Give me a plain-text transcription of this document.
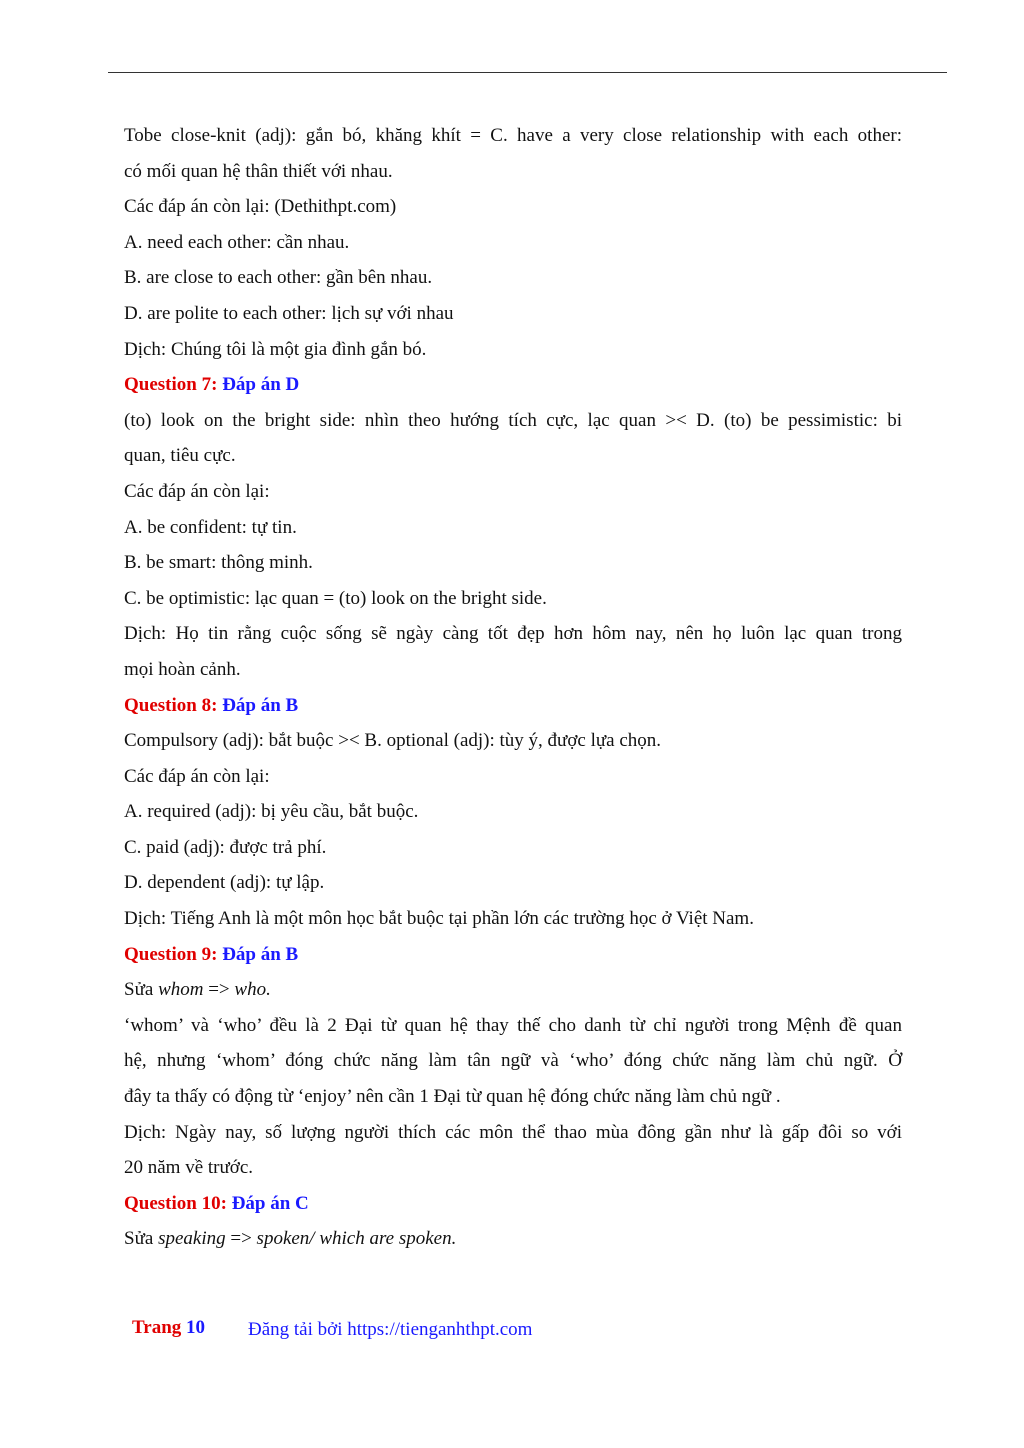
Tobe close-knit (adj): gắn bó, khăng khít = C. have a very close relationship with each other:
có mối quan hệ thân thiết với nhau.
Các đáp án còn lại: (Dethithpt.com)
A. need each other: cần nhau.
B. are close to each other: gần bên nhau.
D. are polite to each other: lịch sự với nhau
Dịch: Chúng tôi là một gia đình gắn bó.
Question 7: Đáp án D
(to) look on the bright side: nhìn theo hướng tích cực, lạc quan >< D. (to) be pessimistic: bi
quan, tiêu cực.
Các đáp án còn lại:
A. be confident: tự tin.
B. be smart: thông minh.
C. be optimistic: lạc quan = (to) look on the bright side.
Dịch: Họ tin rằng cuộc sống sẽ ngày càng tốt đẹp hơn hôm nay, nên họ luôn lạc quan trong
mọi hoàn cảnh.
Question 8: Đáp án B
Compulsory (adj): bắt buộc >< B. optional (adj): tùy ý, được lựa chọn.
Các đáp án còn lại:
A. required (adj): bị yêu cầu, bắt buộc.
C. paid (adj): được trả phí.
D. dependent (adj): tự lập.
Dịch: Tiếng Anh là một môn học bắt buộc tại phần lớn các trường học ở Việt Nam.
Question 9: Đáp án B
Sửa whom => who.
‘whom’ và ‘who’ đều là 2 Đại từ quan hệ thay thế cho danh từ chỉ người trong Mệnh đề quan
hệ, nhưng ‘whom’ đóng chức năng làm tân ngữ và ‘who’ đóng chức năng làm chủ ngữ. Ở
đây ta thấy có động từ ‘enjoy’ nên cần 1 Đại từ quan hệ đóng chức năng làm chủ ngữ .
Dịch: Ngày nay, số lượng người thích các môn thể thao mùa đông gần như là gấp đôi so với
20 năm về trước.
Question 10: Đáp án C
Sửa speaking => spoken/ which are spoken.
Trang 10 Đăng tải bởi https://tienganhthpt.com
